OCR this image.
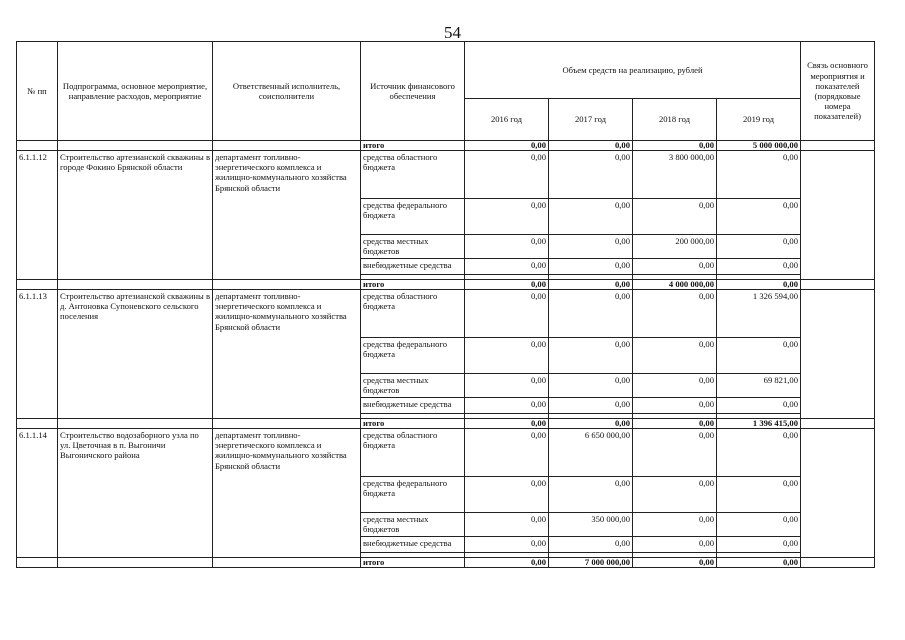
54
№ пп	Подпрограмма, основное мероприятие, направление расходов, мероприятие	Ответственный исполнитель, соисполнители	Источник финансового обеспечения	Объем средств на реализацию, рублей				Связь основного мероприятия и показателей (порядковые номера показателей)
				2016 год	2017 год	2018 год	2019 год	
			итого	0,00	0,00	0,00	5 000 000,00	
6.1.1.12	Строительство артезианской скважины в городе Фокино Брянской области	департамент топливно-энергетического комплекса и жилищно-коммунального хозяйства Брянской области	средства областного бюджета	0,00	0,00	3 800 000,00	0,00	
			средства федерального бюджета	0,00	0,00	0,00	0,00	
			средства местных бюджетов	0,00	0,00	200 000,00	0,00	
			внебюджетные средства	0,00	0,00	0,00	0,00	

			итого	0,00	0,00	4 000 000,00	0,00	
6.1.1.13	Строительство артезианской скважины в д. Антоновка Супоневского сельского поселения	департамент топливно-энергетического комплекса и жилищно-коммунального хозяйства Брянской области	средства областного бюджета	0,00	0,00	0,00	1 326 594,00	
			средства федерального бюджета	0,00	0,00	0,00	0,00	
			средства местных бюджетов	0,00	0,00	0,00	69 821,00	
			внебюджетные средства	0,00	0,00	0,00	0,00	

			итого	0,00	0,00	0,00	1 396 415,00	
6.1.1.14	Строительство водозаборного узла по ул. Цветочная в п. Выгоничи Выгоничского района	департамент топливно-энергетического комплекса и жилищно-коммунального хозяйства Брянской области	средства областного бюджета	0,00	6 650 000,00	0,00	0,00	
			средства федерального бюджета	0,00	0,00	0,00	0,00	
			средства местных бюджетов	0,00	350 000,00	0,00	0,00	
			внебюджетные средства	0,00	0,00	0,00	0,00	

			итого	0,00	7 000 000,00	0,00	0,00	
